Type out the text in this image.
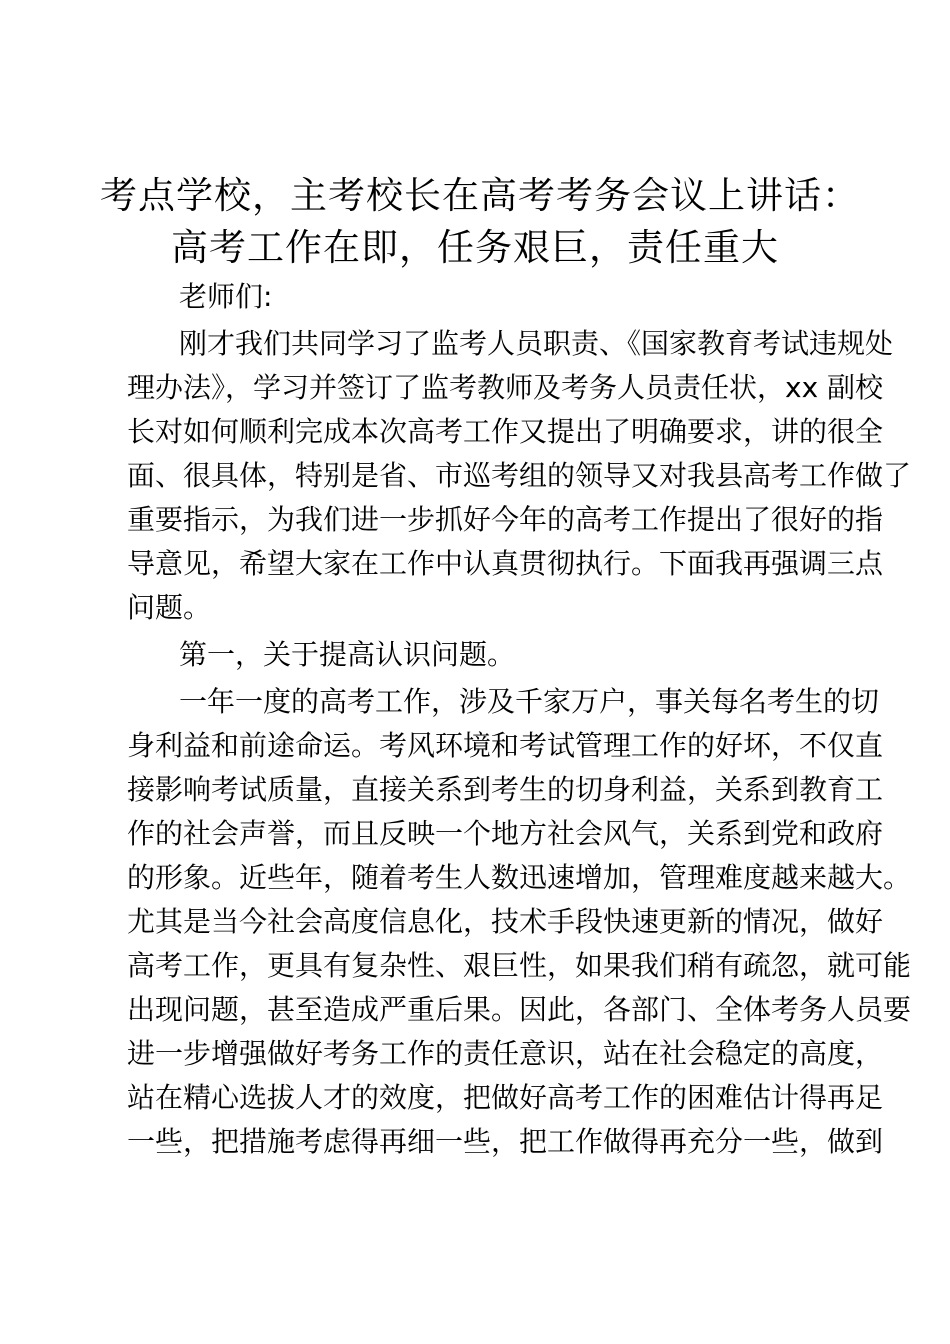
考点学校，主考校长在高考考务会议上讲话：
高考工作在即，任务艰巨，责任重大
老师们:
刚才我们共同学习了监考人员职责、《国家教育考试违规处
理办法》，学习并签订了监考教师及考务人员责任状，xx 副校
长对如何顺利完成本次高考工作又提出了明确要求，讲的很全
面、很具体，特别是省、市巡考组的领导又对我县高考工作做了
重要指示，为我们进一步抓好今年的高考工作提出了很好的指
导意见，希望大家在工作中认真贯彻执行。下面我再强调三点
问题。
第一，关于提高认识问题。
一年一度的高考工作，涉及千家万户，事关每名考生的切
身利益和前途命运。考风环境和考试管理工作的好坏，不仅直
接影响考试质量，直接关系到考生的切身利益，关系到教育工
作的社会声誉，而且反映一个地方社会风气，关系到党和政府
的形象。近些年，随着考生人数迅速增加，管理难度越来越大。
尤其是当今社会高度信息化，技术手段快速更新的情况，做好
高考工作，更具有复杂性、艰巨性，如果我们稍有疏忽，就可能
出现问题，甚至造成严重后果。因此，各部门、全体考务人员要
进一步增强做好考务工作的责任意识，站在社会稳定的高度，
站在精心选拔人才的效度，把做好高考工作的困难估计得再足
一些，把措施考虑得再细一些，把工作做得再充分一些，做到
